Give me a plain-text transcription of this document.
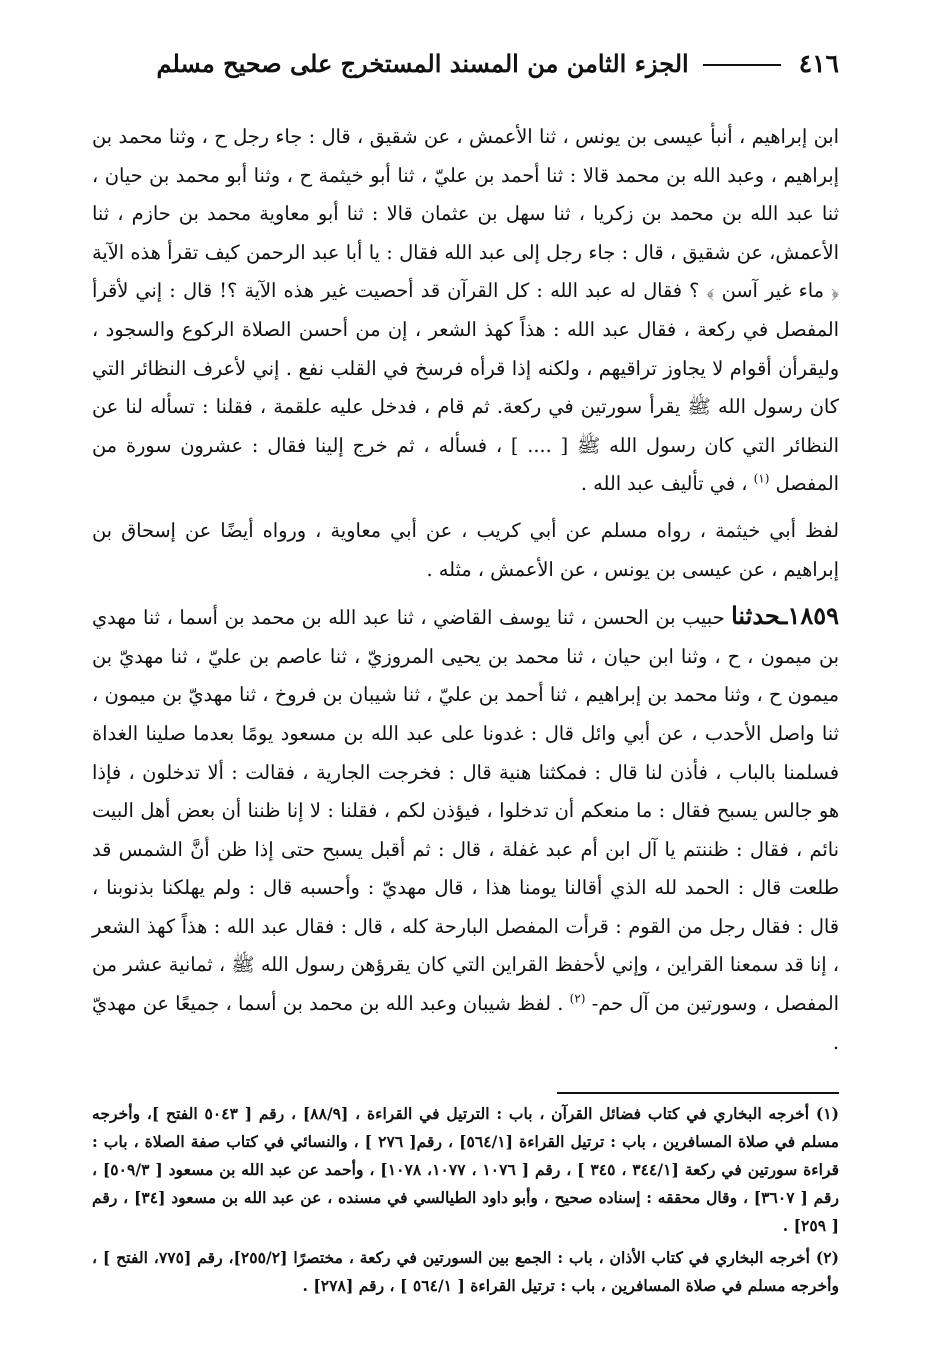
٤١٦
الجزء الثامن من المسند المستخرج على صحيح مسلم

ابن إبراهيم ، أنبأ عيسى بن يونس ، ثنا الأعمش ، عن شقيق ، قال : جاء رجل ح ، وثنا محمد بن إبراهيم ، وعبد الله بن محمد قالا : ثنا أحمد بن عليّ ، ثنا أبو خيثمة ح ، وثنا أبو محمد بن حيان ، ثنا عبد الله بن محمد بن زكريا ، ثنا سهل بن عثمان قالا : ثنا أبو معاوية محمد بن حازم ، ثنا الأعمش، عن شقيق ، قال : جاء رجل إلى عبد الله فقال : يا أبا عبد الرحمن كيف تقرأ هذه الآية ﴿ ماء غير آسن ﴾ ؟ فقال له عبد الله : كل القرآن قد أحصيت غير هذه الآية ؟! قال : إني لأقرأ المفصل في ركعة ، فقال عبد الله : هذاً كهذ الشعر ، إن من أحسن الصلاة الركوع والسجود ، وليقرأن أقوام لا يجاوز تراقيهم ، ولكنه إذا قرأه فرسخ في القلب نفع . إني لأعرف النظائر التي كان رسول الله ﷺ يقرأ سورتين في ركعة. ثم قام ، فدخل عليه علقمة ، فقلنا : تسأله لنا عن النظائر التي كان رسول الله ﷺ [ .... ] ، فسأله ، ثم خرج إلينا فقال : عشرون سورة من المفصل $^{(١)}$ ، في تأليف عبد الله .

لفظ أبي خيثمة ، رواه مسلم عن أبي كريب ، عن أبي معاوية ، ورواه أيضًا عن إسحاق بن إبراهيم ، عن عيسى بن يونس ، عن الأعمش ، مثله .

١٨٥٩ـحدثنا حبيب بن الحسن ، ثنا يوسف القاضي ، ثنا عبد الله بن محمد بن أسما ، ثنا مهدي بن ميمون ، ح ، وثنا ابن حيان ، ثنا محمد بن يحيى المروزيّ ، ثنا عاصم بن عليّ ، ثنا مهديّ بن ميمون ح ، وثنا محمد بن إبراهيم ، ثنا أحمد بن عليّ ، ثنا شيبان بن فروخ ، ثنا مهديّ بن ميمون ، ثنا واصل الأحدب ، عن أبي وائل قال : غدونا على عبد الله بن مسعود يومًا بعدما صلينا الغداة فسلمنا بالباب ، فأذن لنا قال : فمكثنا هنية قال : فخرجت الجارية ، فقالت : ألا تدخلون ، فإذا هو جالس يسبح فقال : ما منعكم أن تدخلوا ، فيؤذن لكم ، فقلنا : لا إنا ظننا أن بعض أهل البيت نائم ، فقال : ظننتم يا آل ابن أم عبد غفلة ، قال : ثم أقبل يسبح حتى إذا ظن أنَّ الشمس قد طلعت قال : الحمد لله الذي أقالنا يومنا هذا ، قال مهديّ : وأحسبه قال : ولم يهلكنا بذنوبنا ، قال : فقال رجل من القوم : قرأت المفصل البارحة كله ، قال : فقال عبد الله : هذاً كهذ الشعر ، إنا قد سمعنا القراين ، وإني لأحفظ القراين التي كان يقرؤهن رسول الله ﷺ ، ثمانية عشر من المفصل ، وسورتين من آل حم- $^{(٢)}$ . لفظ شيبان وعبد الله بن محمد بن أسما ، جميعًا عن مهديّ .

(١) أخرجه البخاري في كتاب فضائل القرآن ، باب : الترتيل في القراءة ، [٨٨/٩] ، رقم [ ٥٠٤٣ الفتح ]، وأخرجه مسلم في صلاة المسافرين ، باب : ترتيل القراءة [٥٦٤/١] ، رقم[ ٢٧٦ ] ، والنسائي في كتاب صفة الصلاة ، باب : قراءة سورتين في ركعة [٣٤٤/١ ، ٣٤٥ ] ، رقم [ ١٠٧٦ ، ١٠٧٧، ١٠٧٨] ، وأحمد عن عبد الله بن مسعود [ ٥٠٩/٣] ، رقم [ ٣٦٠٧] ، وقال محققه : إسناده صحيح ، وأبو داود الطيالسي في مسنده ، عن عبد الله بن مسعود [٣٤] ، رقم [ ٢٥٩] .

(٢) أخرجه البخاري في كتاب الأذان ، باب : الجمع بين السورتين في ركعة ، مختصرًا [٢٥٥/٢]، رقم [٧٧٥، الفتح ] ، وأخرجه مسلم في صلاة المسافرين ، باب : ترتيل القراءة [ ٥٦٤/١ ] ، رقم [٢٧٨] .
